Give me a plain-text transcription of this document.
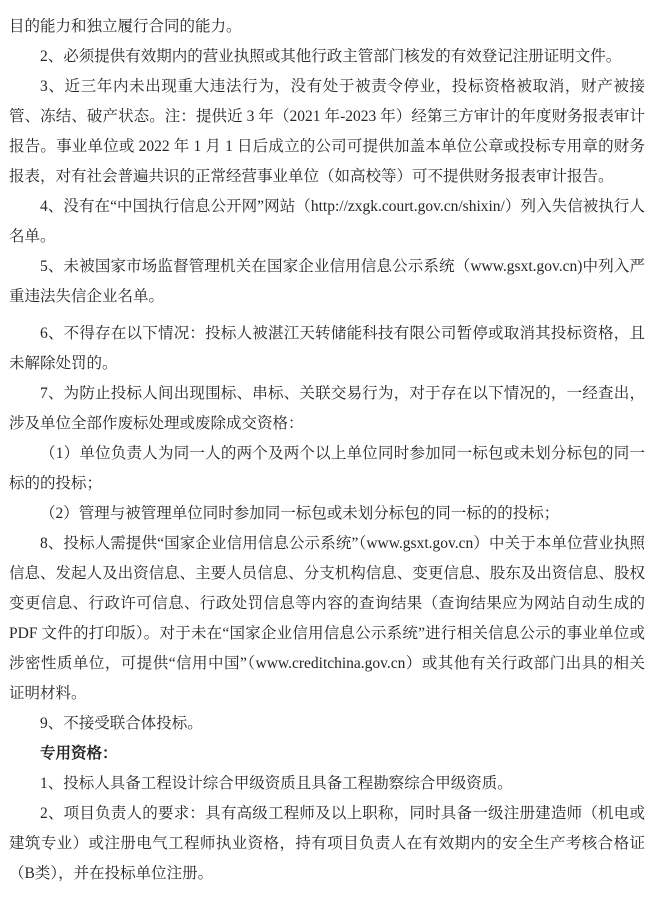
目的能力和独立履行合同的能力。

2、必须提供有效期内的营业执照或其他行政主管部门核发的有效登记注册证明文件。

3、近三年内未出现重大违法行为，没有处于被责令停业，投标资格被取消，财产被接管、冻结、破产状态。注：提供近 3 年（2021 年-2023 年）经第三方审计的年度财务报表审计报告。事业单位或 2022 年 1 月 1 日后成立的公司可提供加盖本单位公章或投标专用章的财务报表，对有社会普遍共识的正常经营事业单位（如高校等）可不提供财务报表审计报告。

4、没有在“中国执行信息公开网”网站（http://zxgk.court.gov.cn/shixin/）列入失信被执行人名单。

5、未被国家市场监督管理机关在国家企业信用信息公示系统（www.gsxt.gov.cn)中列入严重违法失信企业名单。

6、不得存在以下情况：投标人被湛江天转储能科技有限公司暂停或取消其投标资格，且未解除处罚的。

7、为防止投标人间出现围标、串标、关联交易行为，对于存在以下情况的，一经查出，涉及单位全部作废标处理或废除成交资格：

（1）单位负责人为同一人的两个及两个以上单位同时参加同一标包或未划分标包的同一标的的投标；

（2）管理与被管理单位同时参加同一标包或未划分标包的同一标的的投标；

8、投标人需提供“国家企业信用信息公示系统”（www.gsxt.gov.cn）中关于本单位营业执照信息、发起人及出资信息、主要人员信息、分支机构信息、变更信息、股东及出资信息、股权变更信息、行政许可信息、行政处罚信息等内容的查询结果（查询结果应为网站自动生成的 PDF 文件的打印版）。对于未在“国家企业信用信息公示系统”进行相关信息公示的事业单位或涉密性质单位，可提供“信用中国”（www.creditchina.gov.cn）或其他有关行政部门出具的相关证明材料。

9、不接受联合体投标。

专用资格：

1、投标人具备工程设计综合甲级资质且具备工程勘察综合甲级资质。

2、项目负责人的要求：具有高级工程师及以上职称，同时具备一级注册建造师（机电或建筑专业）或注册电气工程师执业资格，持有项目负责人在有效期内的安全生产考核合格证（B类），并在投标单位注册。
